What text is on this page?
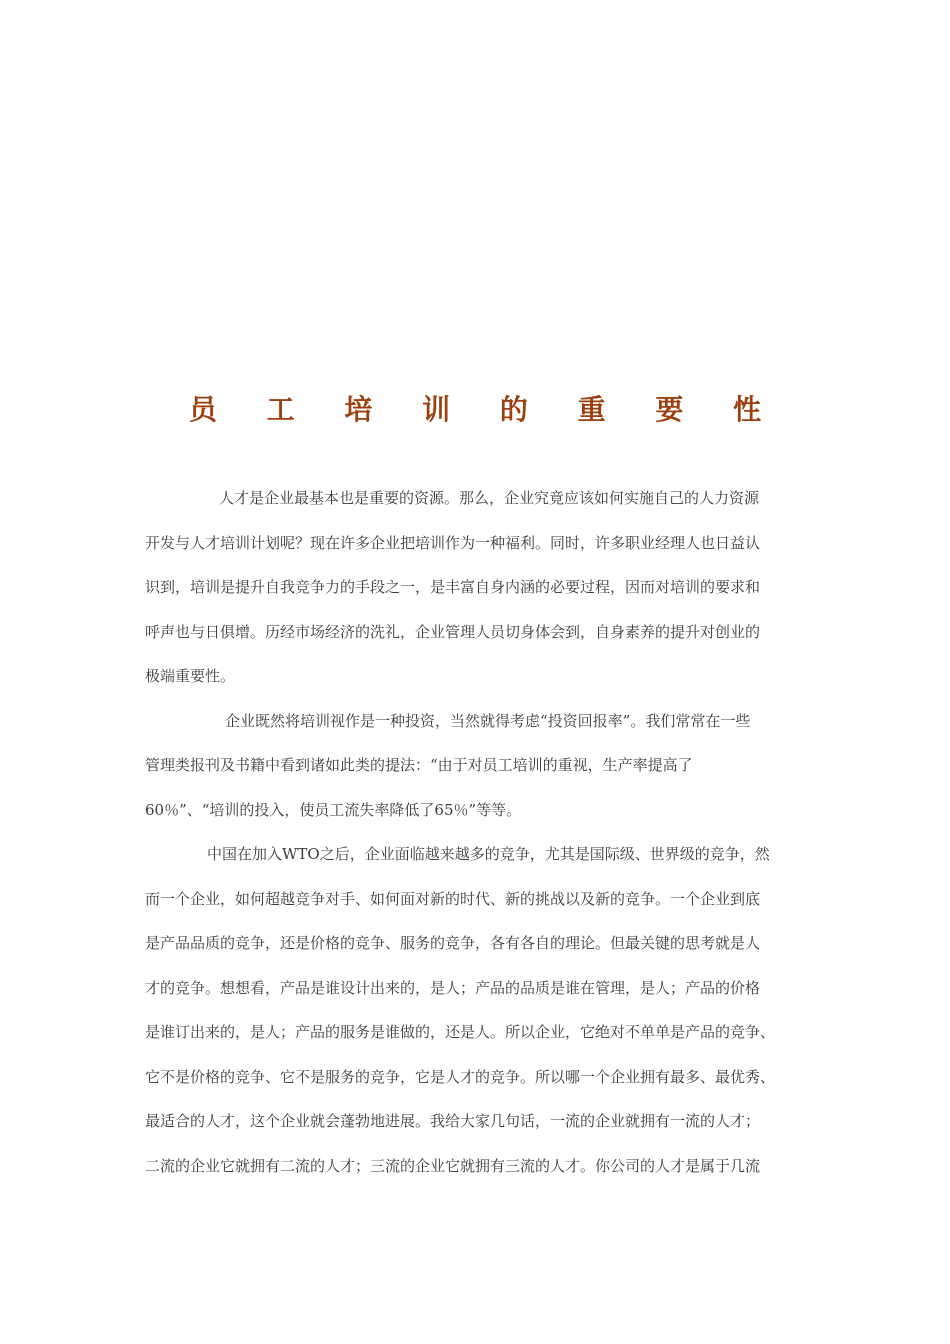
员 工 培 训 的 重 要 性
人才是企业最基本也是重要的资源。那么，企业究竟应该如何实施自己的人力资源
开发与人才培训计划呢？现在许多企业把培训作为一种福利。同时，许多职业经理人也日益认
识到，培训是提升自我竞争力的手段之一，是丰富自身内涵的必要过程，因而对培训的要求和
呼声也与日俱增。历经市场经济的洗礼，企业管理人员切身体会到，自身素养的提升对创业的
极端重要性。
企业既然将培训视作是一种投资，当然就得考虑“投资回报率”。我们常常在一些
管理类报刊及书籍中看到诸如此类的提法：“由于对员工培训的重视，生产率提高了
60％”、“培训的投入，使员工流失率降低了65％”等等。
中国在加入WTO之后，企业面临越来越多的竞争，尤其是国际级、世界级的竞争，然
而一个企业，如何超越竞争对手、如何面对新的时代、新的挑战以及新的竞争。一个企业到底
是产品品质的竞争，还是价格的竞争、服务的竞争，各有各自的理论。但最关键的思考就是人
才的竞争。想想看，产品是谁设计出来的，是人；产品的品质是谁在管理，是人；产品的价格
是谁订出来的，是人；产品的服务是谁做的，还是人。所以企业，它绝对不单单是产品的竞争、
它不是价格的竞争、它不是服务的竞争，它是人才的竞争。所以哪一个企业拥有最多、最优秀、
最适合的人才，这个企业就会蓬勃地进展。我给大家几句话，一流的企业就拥有一流的人才；
二流的企业它就拥有二流的人才；三流的企业它就拥有三流的人才。你公司的人才是属于几流
